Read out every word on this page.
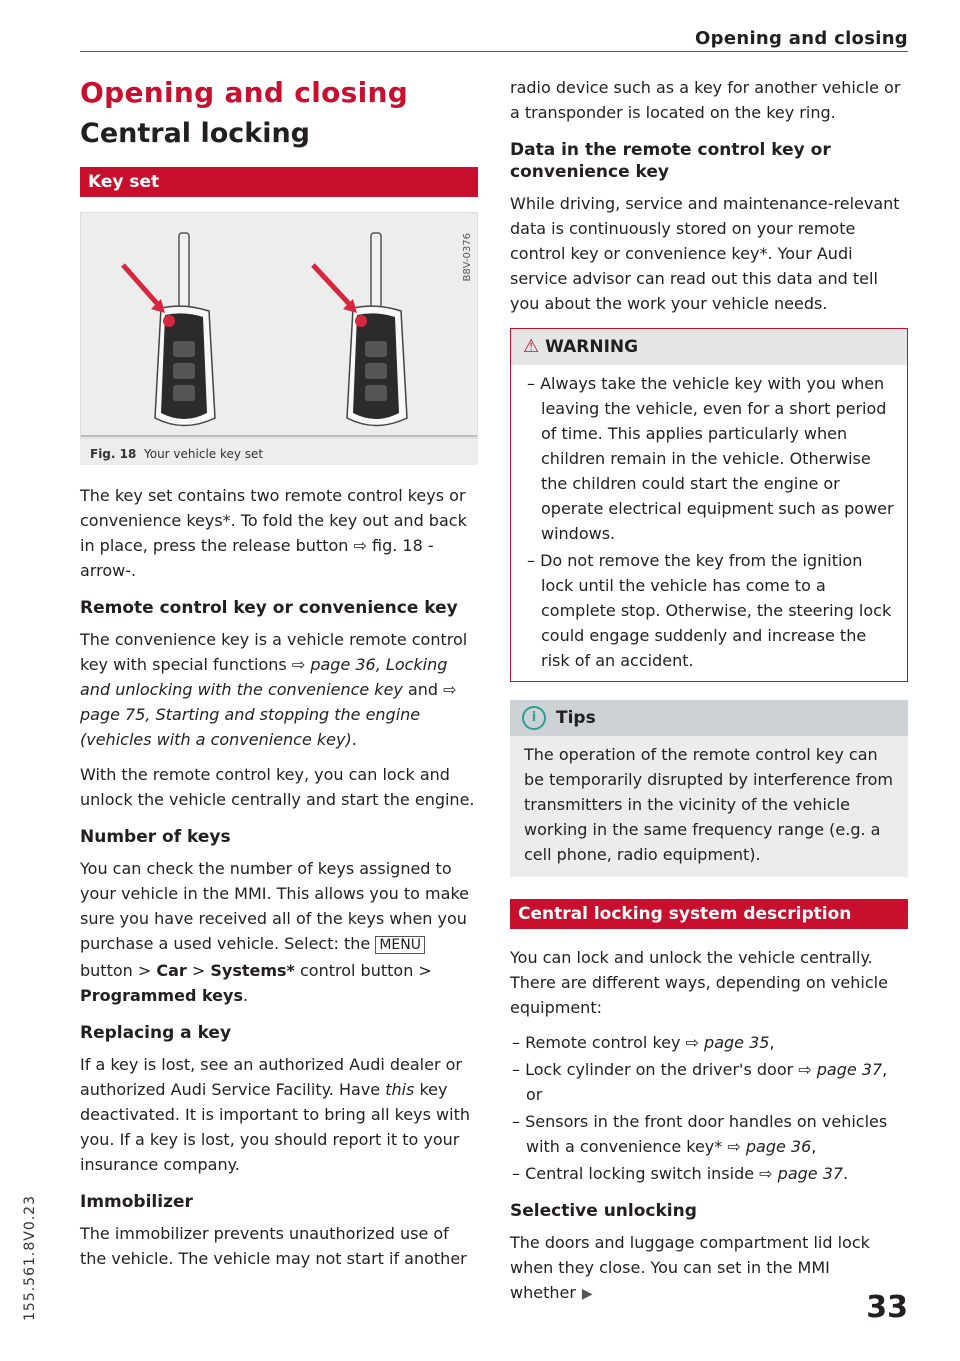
Opening and closing
Opening and closing
Central locking
Key set
B8V-0376
Fig. 18 Your vehicle key set

The key set contains two remote control keys or convenience keys*. To fold the key out and back in place, press the release button ⇨ fig. 18 -arrow-.

Remote control key or convenience key

The convenience key is a vehicle remote control key with special functions ⇨ page 36, Locking and unlocking with the convenience key and ⇨ page 75, Starting and stopping the engine (vehicles with a convenience key).

With the remote control key, you can lock and unlock the vehicle centrally and start the engine.

Number of keys

You can check the number of keys assigned to your vehicle in the MMI. This allows you to make sure you have received all of the keys when you purchase a used vehicle. Select: the MENU button > Car > Systems* control button > Programmed keys.

Replacing a key

If a key is lost, see an authorized Audi dealer or authorized Audi Service Facility. Have this key deactivated. It is important to bring all keys with you. If a key is lost, you should report it to your insurance company.

Immobilizer

The immobilizer prevents unauthorized use of the vehicle. The vehicle may not start if another

radio device such as a key for another vehicle or a transponder is located on the key ring.

Data in the remote control key or convenience key

While driving, service and maintenance-relevant data is continuously stored on your remote control key or convenience key*. Your Audi service advisor can read out this data and tell you about the work your vehicle needs.

⚠ WARNING

– Always take the vehicle key with you when leaving the vehicle, even for a short period of time. This applies particularly when children remain in the vehicle. Otherwise the children could start the engine or operate electrical equipment such as power windows.

– Do not remove the key from the ignition lock until the vehicle has come to a complete stop. Otherwise, the steering lock could engage suddenly and increase the risk of an accident.

i Tips

The operation of the remote control key can be temporarily disrupted by interference from transmitters in the vicinity of the vehicle working in the same frequency range (e.g. a cell phone, radio equipment).

Central locking system description

You can lock and unlock the vehicle centrally. There are different ways, depending on vehicle equipment:

– Remote control key ⇨ page 35,

– Lock cylinder on the driver's door ⇨ page 37, or

– Sensors in the front door handles on vehicles with a convenience key* ⇨ page 36,

– Central locking switch inside ⇨ page 37.

Selective unlocking

The doors and luggage compartment lid lock when they close. You can set in the MMI whether ▶

155.561.8V0.23	33
